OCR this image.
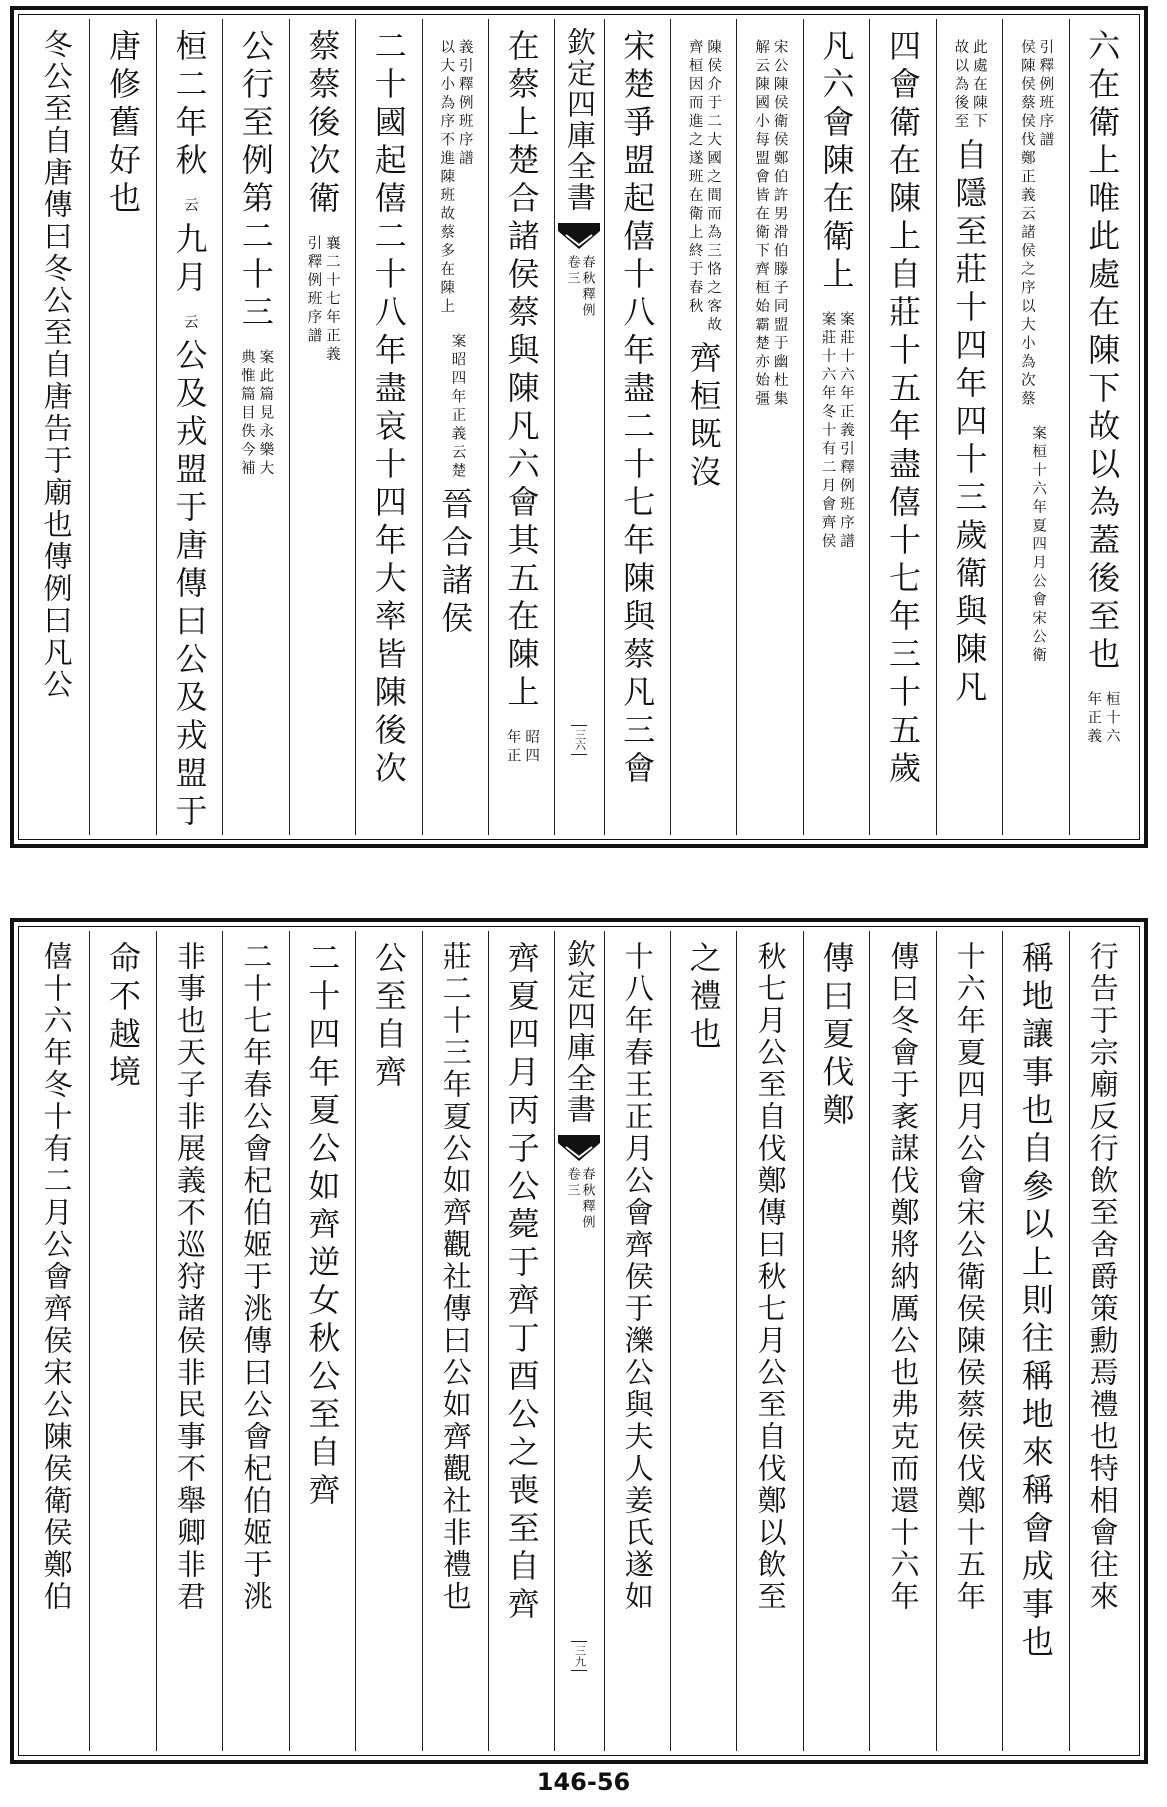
六在衛上唯此處在陳下故以為蓋後至也
桓十六
年正義
引釋例班序譜
侯陳侯蔡侯伐鄭正義云諸侯之序以大小為次蔡
案桓十六年夏四月公會宋公衛
此處在陳下
故以為後至
自隱至莊十四年四十三歲衛與陳凡
四會衛在陳上自莊十五年盡僖十七年三十五歲
凡六會陳在衛上
案莊十六年正義引釋例班序譜
案莊十六年冬十有二月會齊侯
宋公陳侯衛侯鄭伯許男滑伯滕子同盟于幽杜集
解云陳國小每盟會皆在衛下齊桓始霸楚亦始彊
陳侯介于二大國之間而為三恪之客故
齊桓因而進之遂班在衛上終于春秋
齊桓既沒
宋楚爭盟起僖十八年盡二十七年陳與蔡凡三會
欽定四庫全書
春秋釋例
卷三
三六
在蔡上楚合諸侯蔡與陳凡六會其五在陳上
昭四
年正
義引釋例班序譜
以大小為序不進陳班故蔡多在陳上
案昭四年正義云楚
晉合諸侯
二十國起僖二十八年盡哀十四年大率皆陳後次
蔡蔡後次衛
襄二十七年正義
引釋例班序譜
公行至例第二十三
案此篇見永樂大
典惟篇目佚今補
桓二年秋
云
九月
云
公及戎盟于唐傳曰公及戎盟于
唐修舊好也
冬公至自唐傳曰冬公至自唐告于廟也傳例曰凡公
行告于宗廟反行飲至舍爵策勳焉禮也特相會往來
稱地讓事也自參以上則往稱地來稱會成事也
十六年夏四月公會宋公衛侯陳侯蔡侯伐鄭十五年
傳曰冬會于袲謀伐鄭將納厲公也弗克而還十六年
傳曰夏伐鄭
秋七月公至自伐鄭傳曰秋七月公至自伐鄭以飲至
之禮也
十八年春王正月公會齊侯于濼公與夫人姜氏遂如
欽定四庫全書
春秋釋例
卷三
三九
齊夏四月丙子公薨于齊丁酉公之喪至自齊
莊二十三年夏公如齊觀社傳曰公如齊觀社非禮也
公至自齊
二十四年夏公如齊逆女秋公至自齊
二十七年春公會杞伯姬于洮傳曰公會杞伯姬于洮
非事也天子非展義不巡狩諸侯非民事不舉卿非君
命不越境
僖十六年冬十有二月公會齊侯宋公陳侯衛侯鄭伯
146-56
